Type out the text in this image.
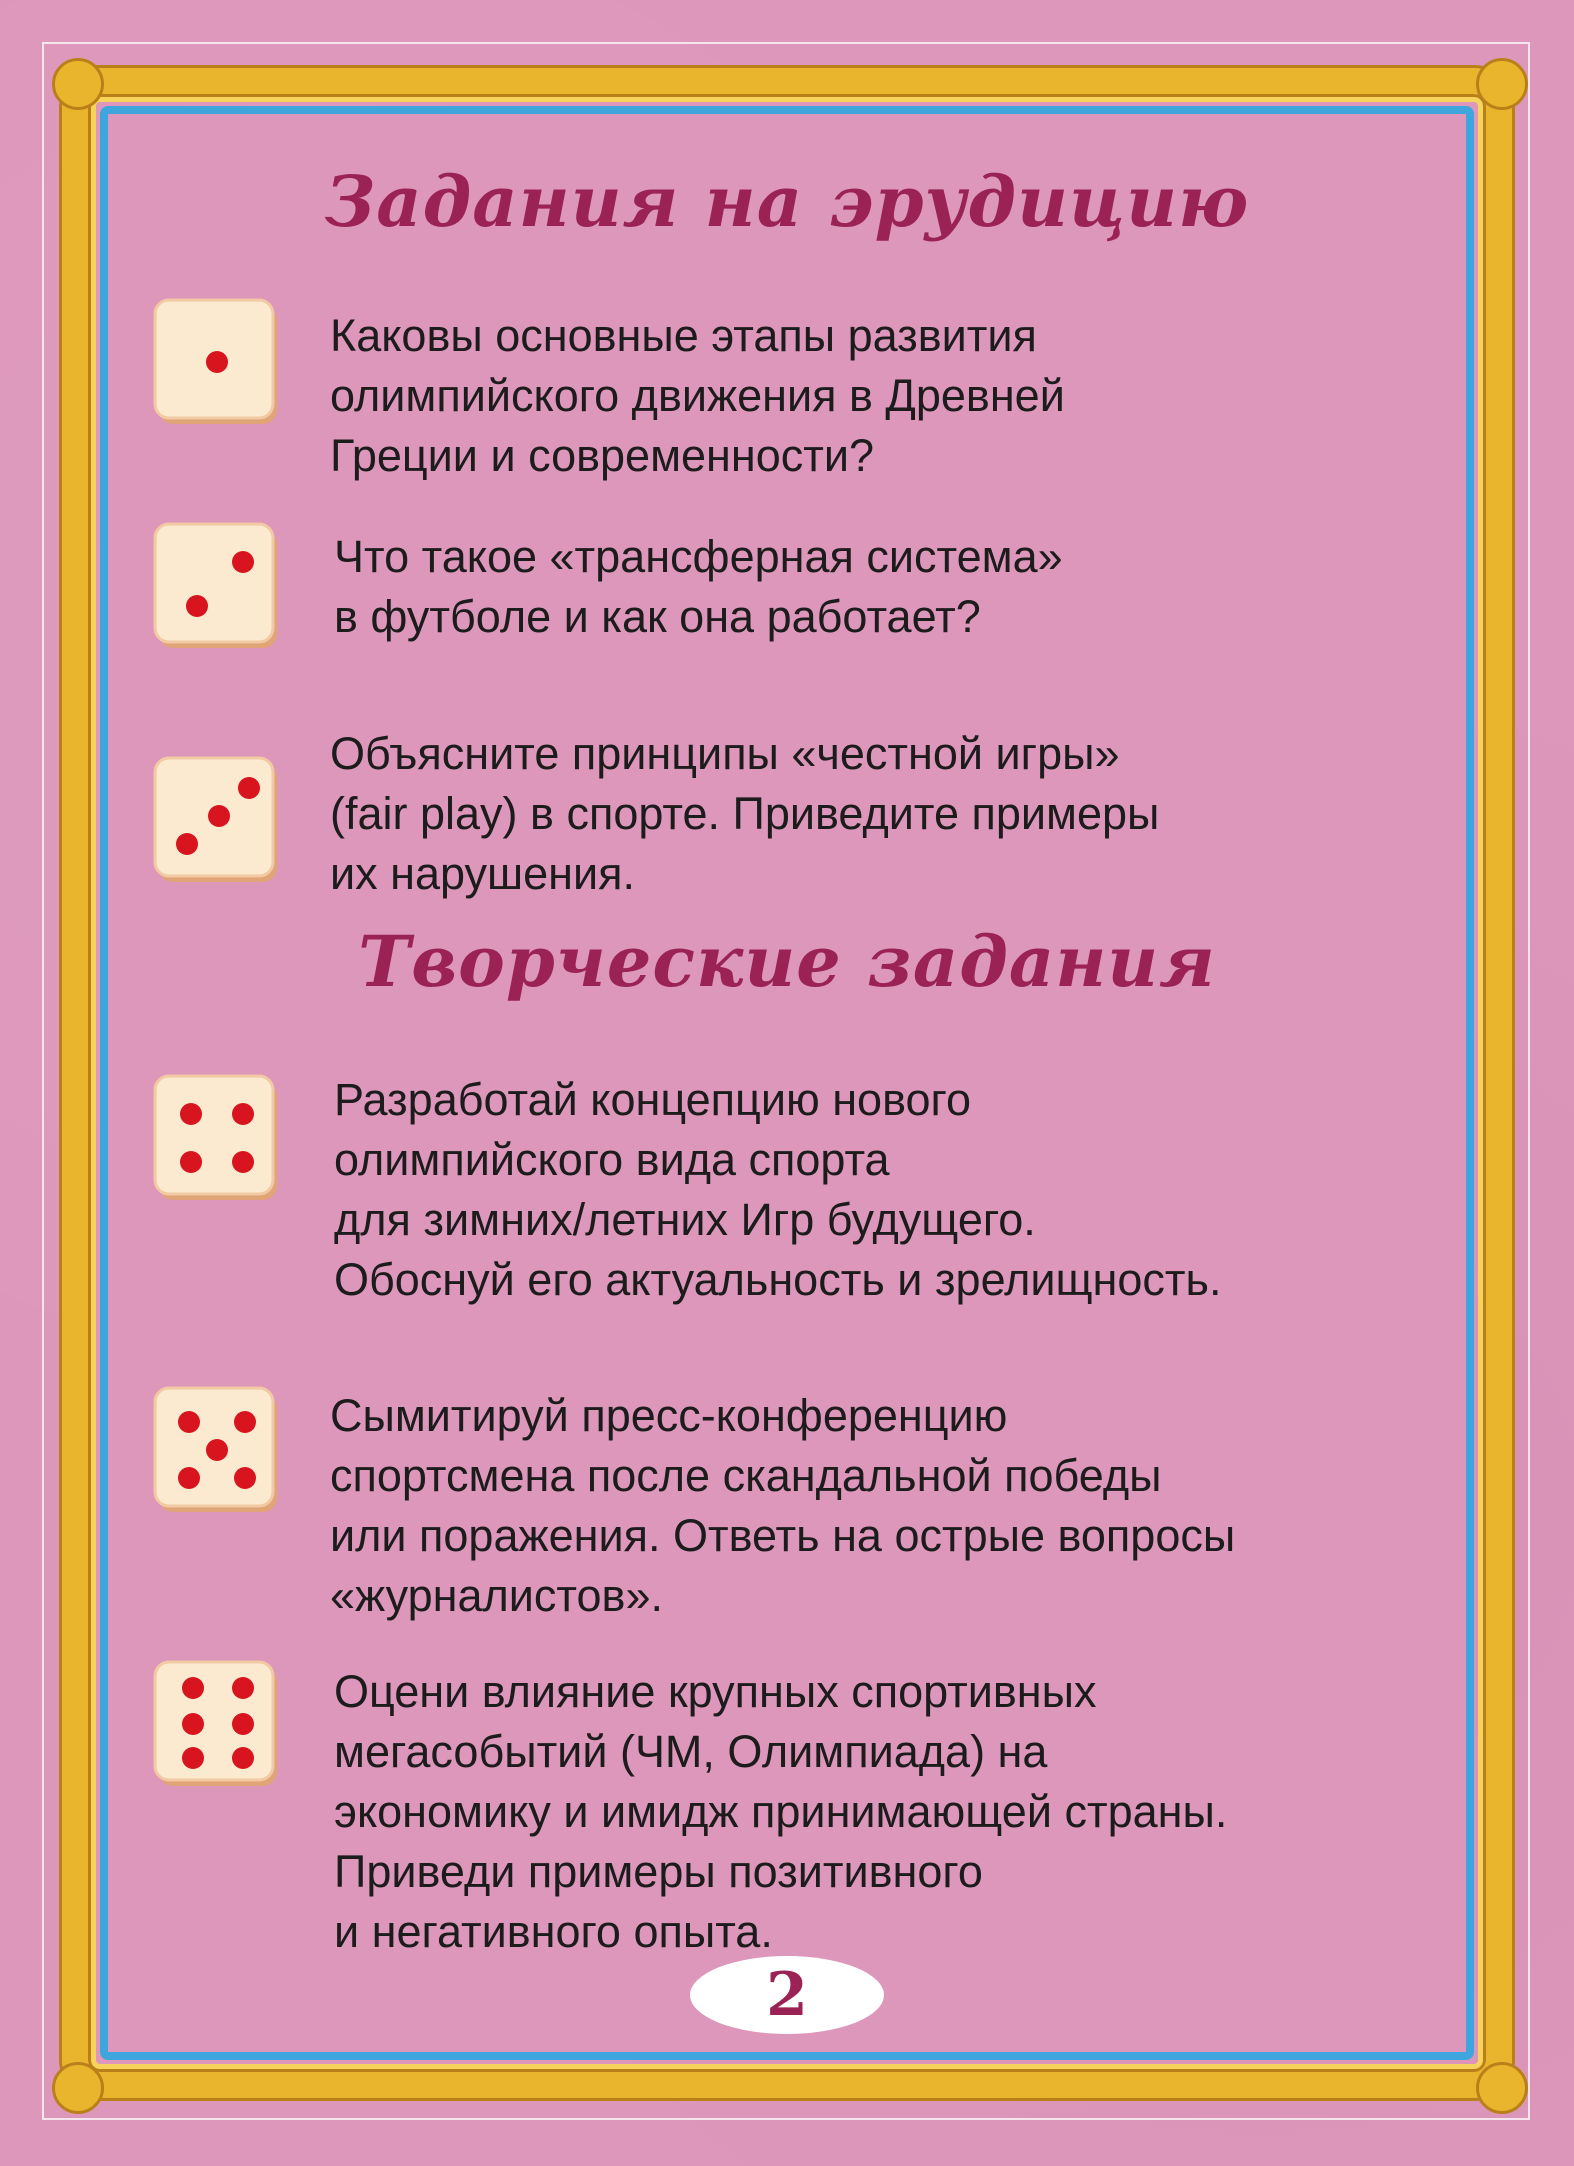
Задания на эрудицию

Каковы основные этапы развития
олимпийского движения в Древней
Греции и современности?

Что такое «трансферная система»
в футболе и как она работает?

Объясните принципы «честной игры»
(fair play) в спорте. Приведите примеры
их нарушения.

Творческие задания

Разработай концепцию нового
олимпийского вида спорта
для зимних/летних Игр будущего.
Обоснуй его актуальность и зрелищность.

Сымитируй пресс-конференцию
спортсмена после скандальной победы
или поражения. Ответь на острые вопросы
«журналистов».

Оцени влияние крупных спортивных
мегасобытий (ЧМ, Олимпиада) на
экономику и имидж принимающей страны.
Приведи примеры позитивного
и негативного опыта.

2
